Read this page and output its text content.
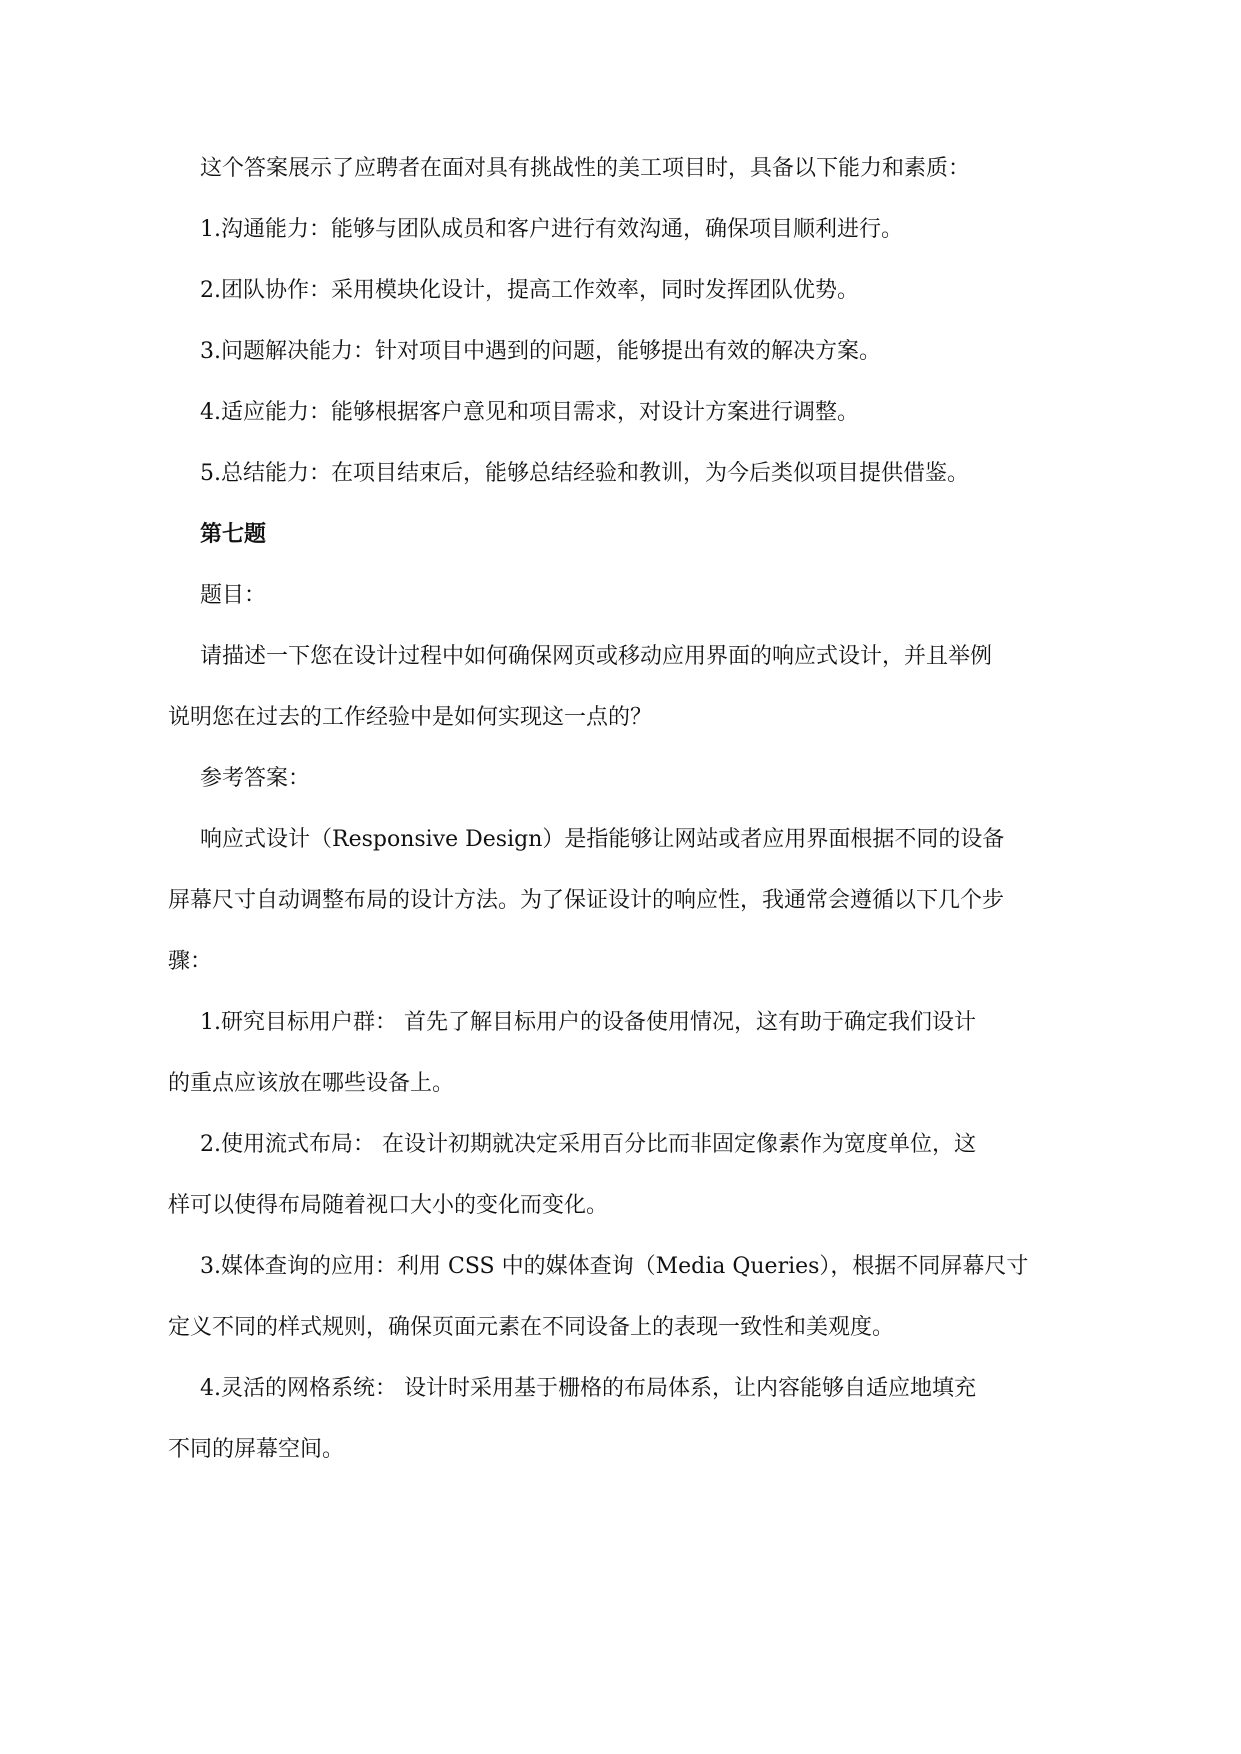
这个答案展示了应聘者在面对具有挑战性的美工项目时，具备以下能力和素质：
1.沟通能力：能够与团队成员和客户进行有效沟通，确保项目顺利进行。
2.团队协作：采用模块化设计，提高工作效率，同时发挥团队优势。
3.问题解决能力：针对项目中遇到的问题，能够提出有效的解决方案。
4.适应能力：能够根据客户意见和项目需求，对设计方案进行调整。
5.总结能力：在项目结束后，能够总结经验和教训，为今后类似项目提供借鉴。
第七题
题目：
请描述一下您在设计过程中如何确保网页或移动应用界面的响应式设计，并且举例
说明您在过去的工作经验中是如何实现这一点的？
参考答案：
响应式设计（Responsive Design）是指能够让网站或者应用界面根据不同的设备
屏幕尺寸自动调整布局的设计方法。为了保证设计的响应性，我通常会遵循以下几个步
骤：
1.研究目标用户群： 首先了解目标用户的设备使用情况，这有助于确定我们设计
的重点应该放在哪些设备上。
2.使用流式布局： 在设计初期就决定采用百分比而非固定像素作为宽度单位，这
样可以使得布局随着视口大小的变化而变化。
3.媒体查询的应用：利用 CSS 中的媒体查询（Media Queries），根据不同屏幕尺寸
定义不同的样式规则，确保页面元素在不同设备上的表现一致性和美观度。
4.灵活的网格系统： 设计时采用基于栅格的布局体系，让内容能够自适应地填充
不同的屏幕空间。
